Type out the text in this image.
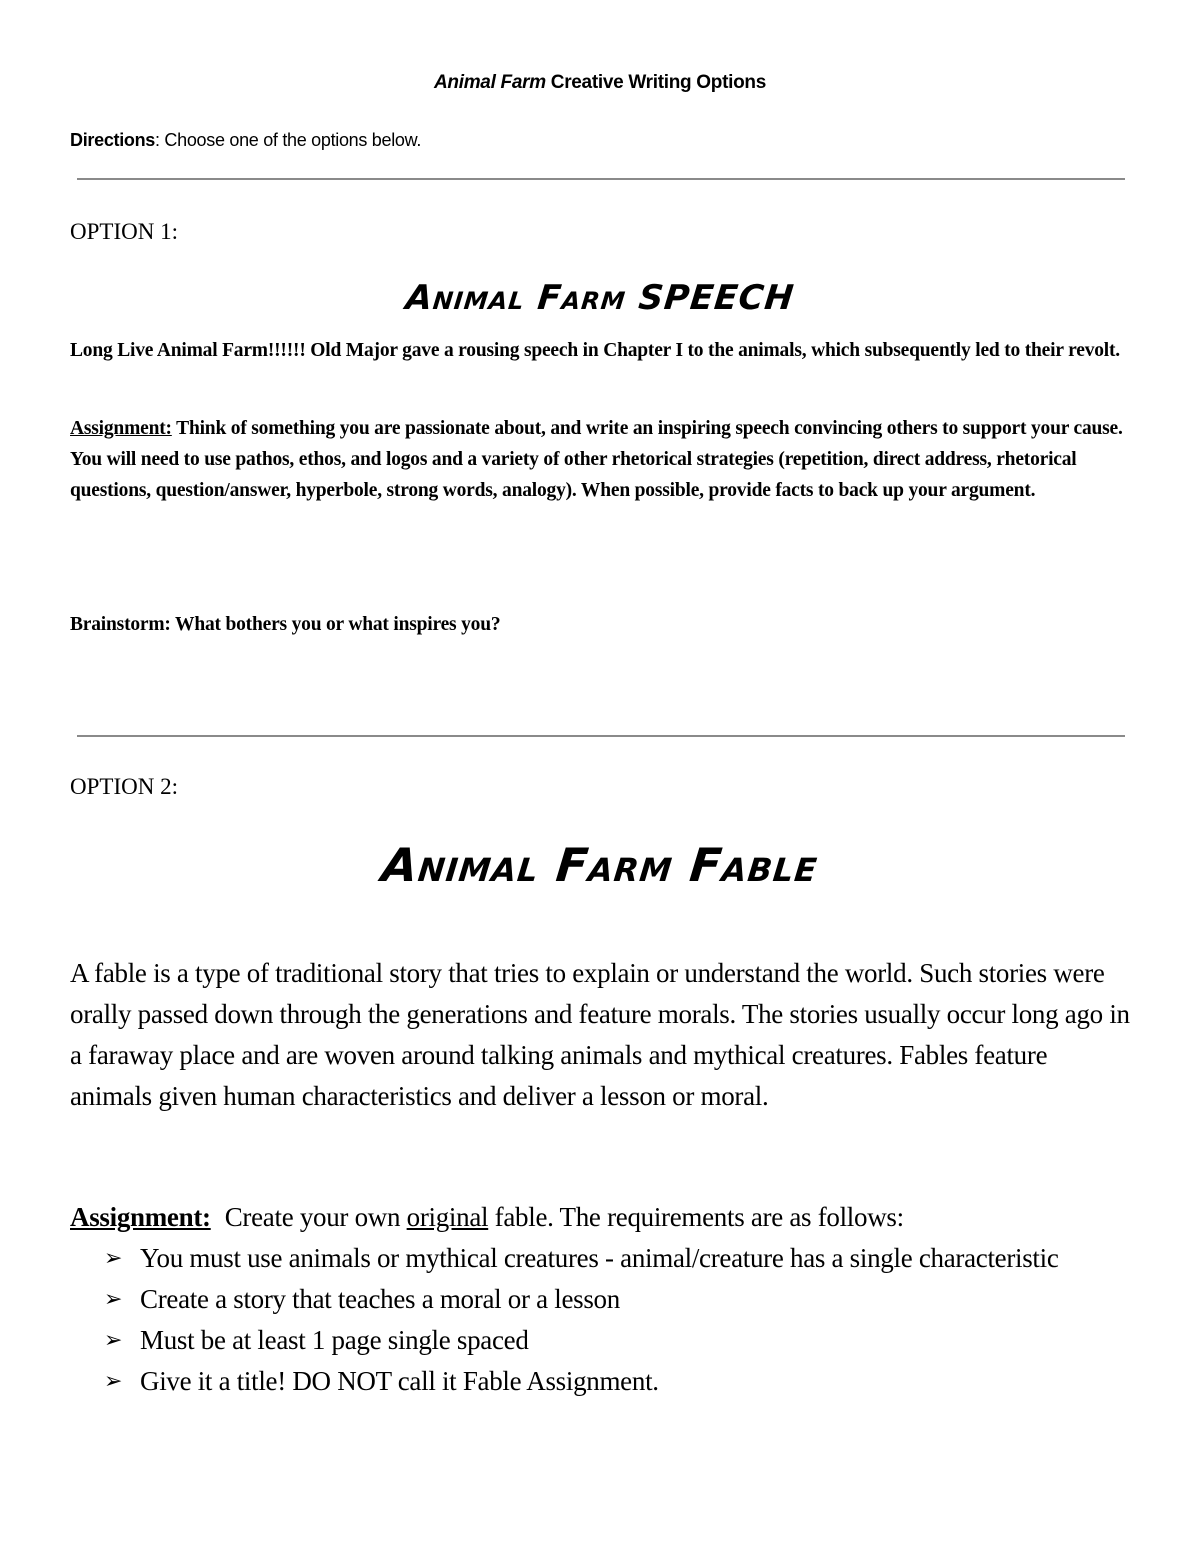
Animal Farm Creative Writing Options
Directions: Choose one of the options below.
OPTION 1:
Animal Farm SPEECH
Long Live Animal Farm!!!!!! Old Major gave a rousing speech in Chapter I to the animals, which subsequently led to their revolt.
Assignment: Think of something you are passionate about, and write an inspiring speech convincing others to support your cause. You will need to use pathos, ethos, and logos and a variety of other rhetorical strategies (repetition, direct address, rhetorical questions, question/answer, hyperbole, strong words, analogy). When possible, provide facts to back up your argument.
Brainstorm: What bothers you or what inspires you?
OPTION 2:
Animal Farm Fable
A fable is a type of traditional story that tries to explain or understand the world. Such stories were orally passed down through the generations and feature morals. The stories usually occur long ago in a faraway place and are woven around talking animals and mythical creatures. Fables feature animals given human characteristics and deliver a lesson or moral.
Assignment: Create your own original fable. The requirements are as follows:
➢ You must use animals or mythical creatures - animal/creature has a single characteristic
➢ Create a story that teaches a moral or a lesson
➢ Must be at least 1 page single spaced
➢ Give it a title! DO NOT call it Fable Assignment.
